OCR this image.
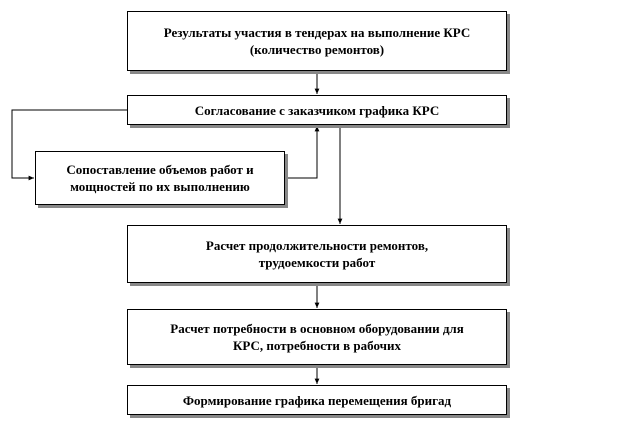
Результаты участия в тендерах на выполнение КРС
(количество ремонтов)
Согласование с заказчиком графика КРС
Сопоставление объемов работ и
мощностей по их выполнению
Расчет продолжительности ремонтов,
трудоемкости работ
Расчет потребности в основном оборудовании для
КРС, потребности в рабочих
Формирование графика перемещения бригад
